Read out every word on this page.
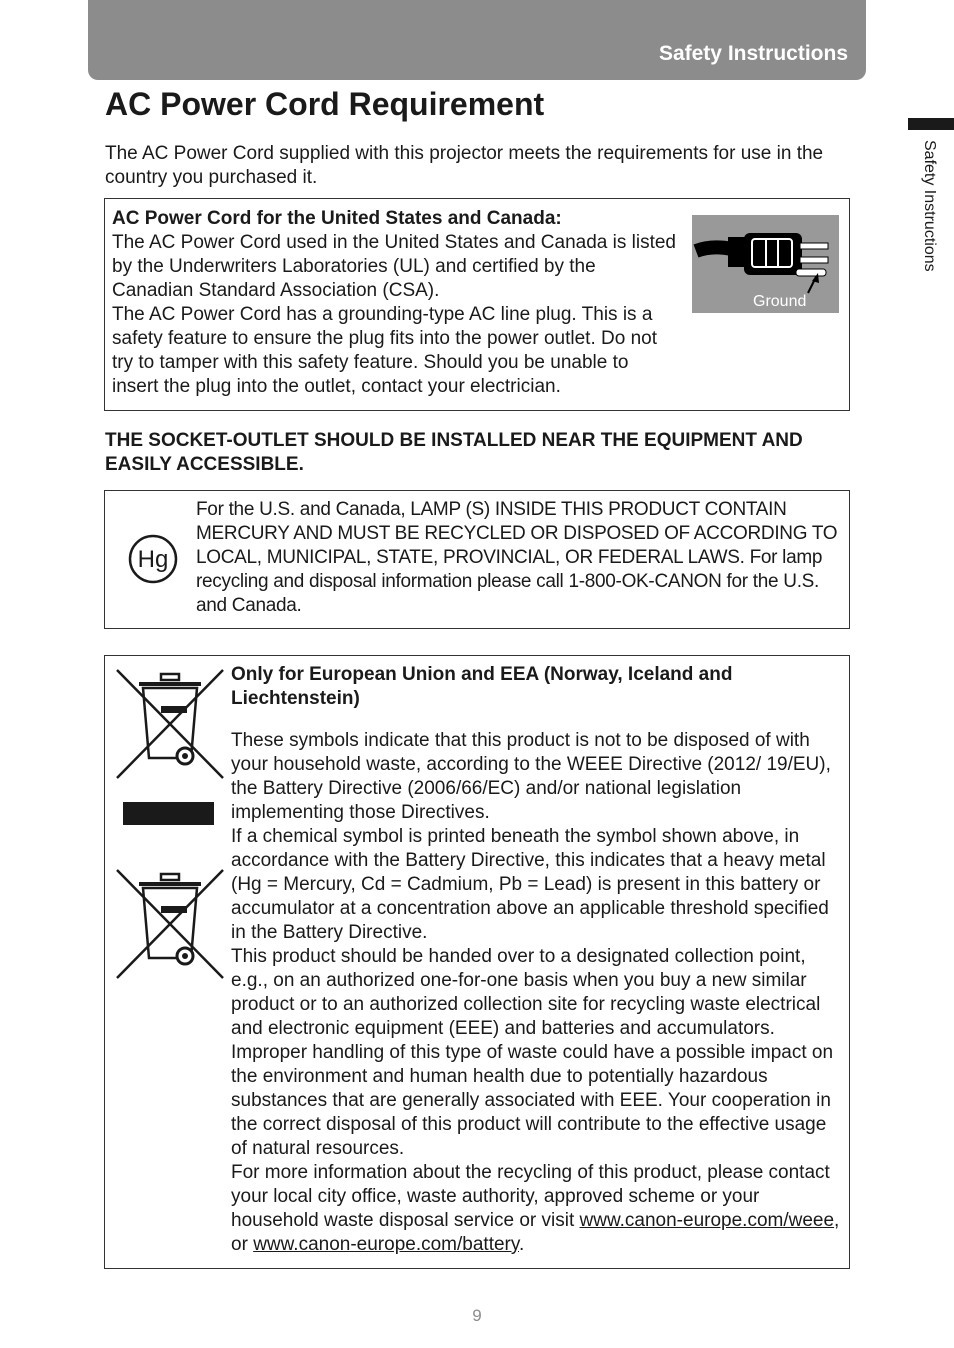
Safety Instructions
Safety Instructions
AC Power Cord Requirement

The AC Power Cord supplied with this projector meets the requirements for use in the country you purchased it.

AC Power Cord for the United States and Canada:
The AC Power Cord used in the United States and Canada is listed by the Underwriters Laboratories (UL) and certified by the Canadian Standard Association (CSA).
The AC Power Cord has a grounding-type AC line plug. This is a safety feature to ensure the plug fits into the power outlet. Do not try to tamper with this safety feature. Should you be unable to insert the plug into the outlet, contact your electrician.
Ground

THE SOCKET-OUTLET SHOULD BE INSTALLED NEAR THE EQUIPMENT AND EASILY ACCESSIBLE.

Hg
For the U.S. and Canada, LAMP (S) INSIDE THIS PRODUCT CONTAIN MERCURY AND MUST BE RECYCLED OR DISPOSED OF ACCORDING TO LOCAL, MUNICIPAL, STATE, PROVINCIAL, OR FEDERAL LAWS. For lamp recycling and disposal information please call 1-800-OK-CANON for the U.S. and Canada.
Only for European Union and EEA (Norway, Iceland and Liechtenstein)

These symbols indicate that this product is not to be disposed of with your household waste, according to the WEEE Directive (2012/ 19/EU), the Battery Directive (2006/66/EC) and/or national legislation implementing those Directives.

If a chemical symbol is printed beneath the symbol shown above, in accordance with the Battery Directive, this indicates that a heavy metal (Hg = Mercury, Cd = Cadmium, Pb = Lead) is present in this battery or accumulator at a concentration above an applicable threshold specified in the Battery Directive.

This product should be handed over to a designated collection point, e.g., on an authorized one-for-one basis when you buy a new similar product or to an authorized collection site for recycling waste electrical and electronic equipment (EEE) and batteries and accumulators. Improper handling of this type of waste could have a possible impact on the environment and human health due to potentially hazardous substances that are generally associated with EEE. Your cooperation in the correct disposal of this product will contribute to the effective usage of natural resources.

For more information about the recycling of this product, please contact your local city office, waste authority, approved scheme or your household waste disposal service or visit www.canon-europe.com/weee, or www.canon-europe.com/battery.

9
